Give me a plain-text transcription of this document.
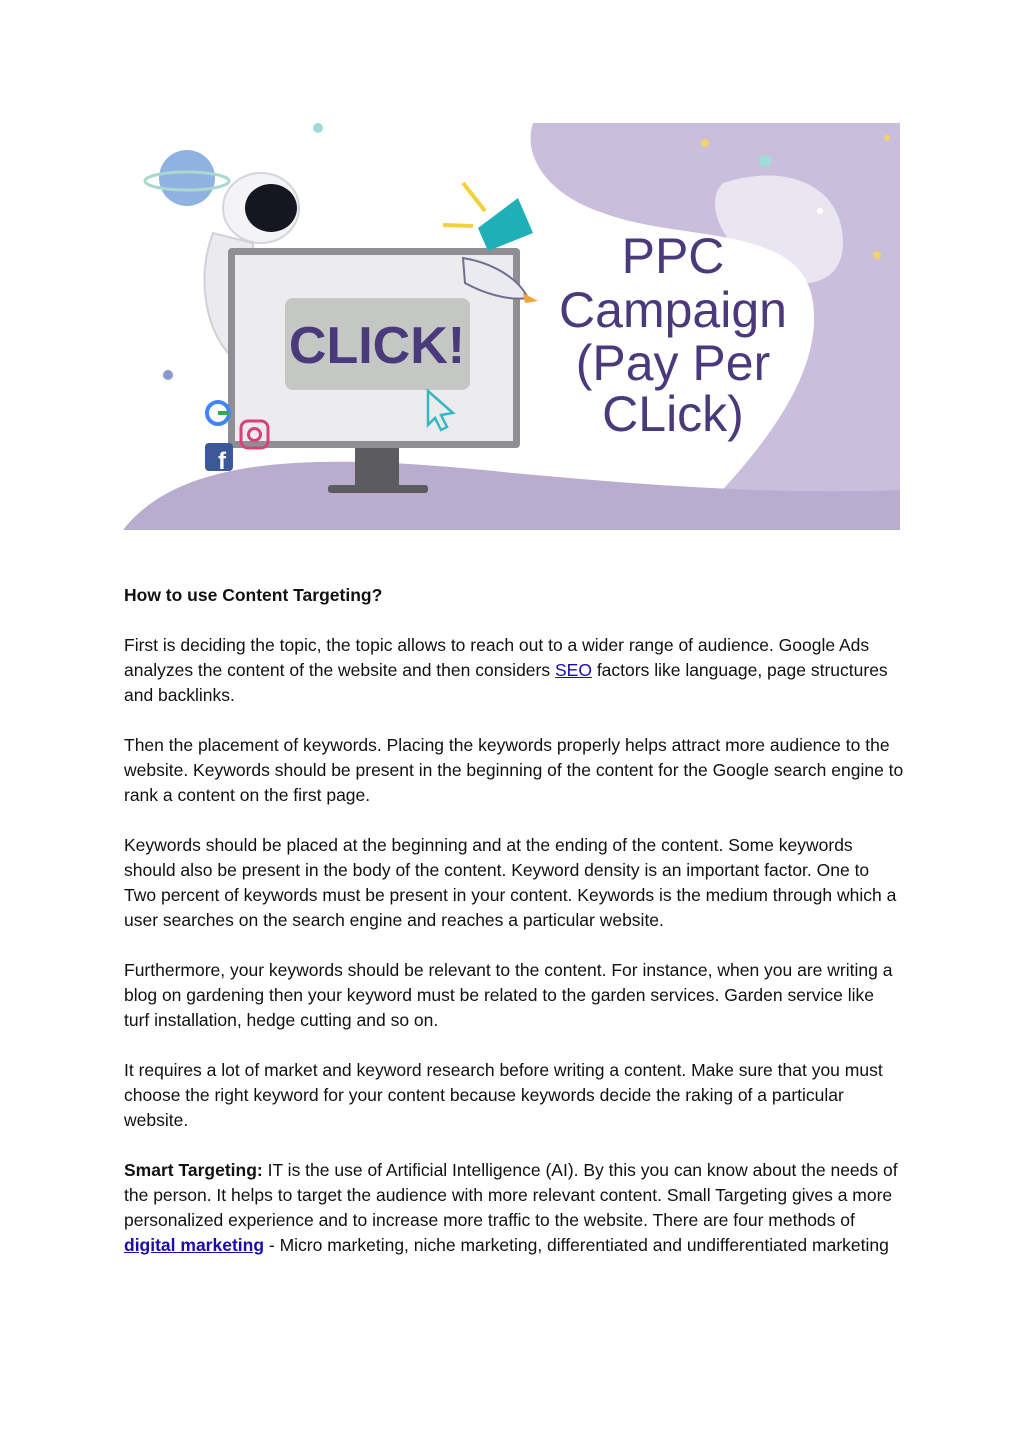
CLICK!
f
PPC
Campaign
(Pay Per
CLick)

How to use Content Targeting?

First is deciding the topic, the topic allows to reach out to a wider range of audience. Google Ads analyzes the content of the website and then considers SEO factors like language, page structures and backlinks.

Then the placement of keywords. Placing the keywords properly helps attract more audience to the website. Keywords should be present in the beginning of the content for the Google search engine to rank a content on the first page.

Keywords should be placed at the beginning and at the ending of the content. Some keywords should also be present in the body of the content. Keyword density is an important factor. One to Two percent of keywords must be present in your content. Keywords is the medium through which a user searches on the search engine and reaches a particular website.

Furthermore, your keywords should be relevant to the content. For instance, when you are writing a blog on gardening then your keyword must be related to the garden services. Garden service like turf installation, hedge cutting and so on.

It requires a lot of market and keyword research before writing a content. Make sure that you must choose the right keyword for your content because keywords decide the raking of a particular website.

Smart Targeting: IT is the use of Artificial Intelligence (AI). By this you can know about the needs of the person. It helps to target the audience with more relevant content. Small Targeting gives a more personalized experience and to increase more traffic to the website. There are four methods of digital marketing - Micro marketing, niche marketing, differentiated and undifferentiated marketing
